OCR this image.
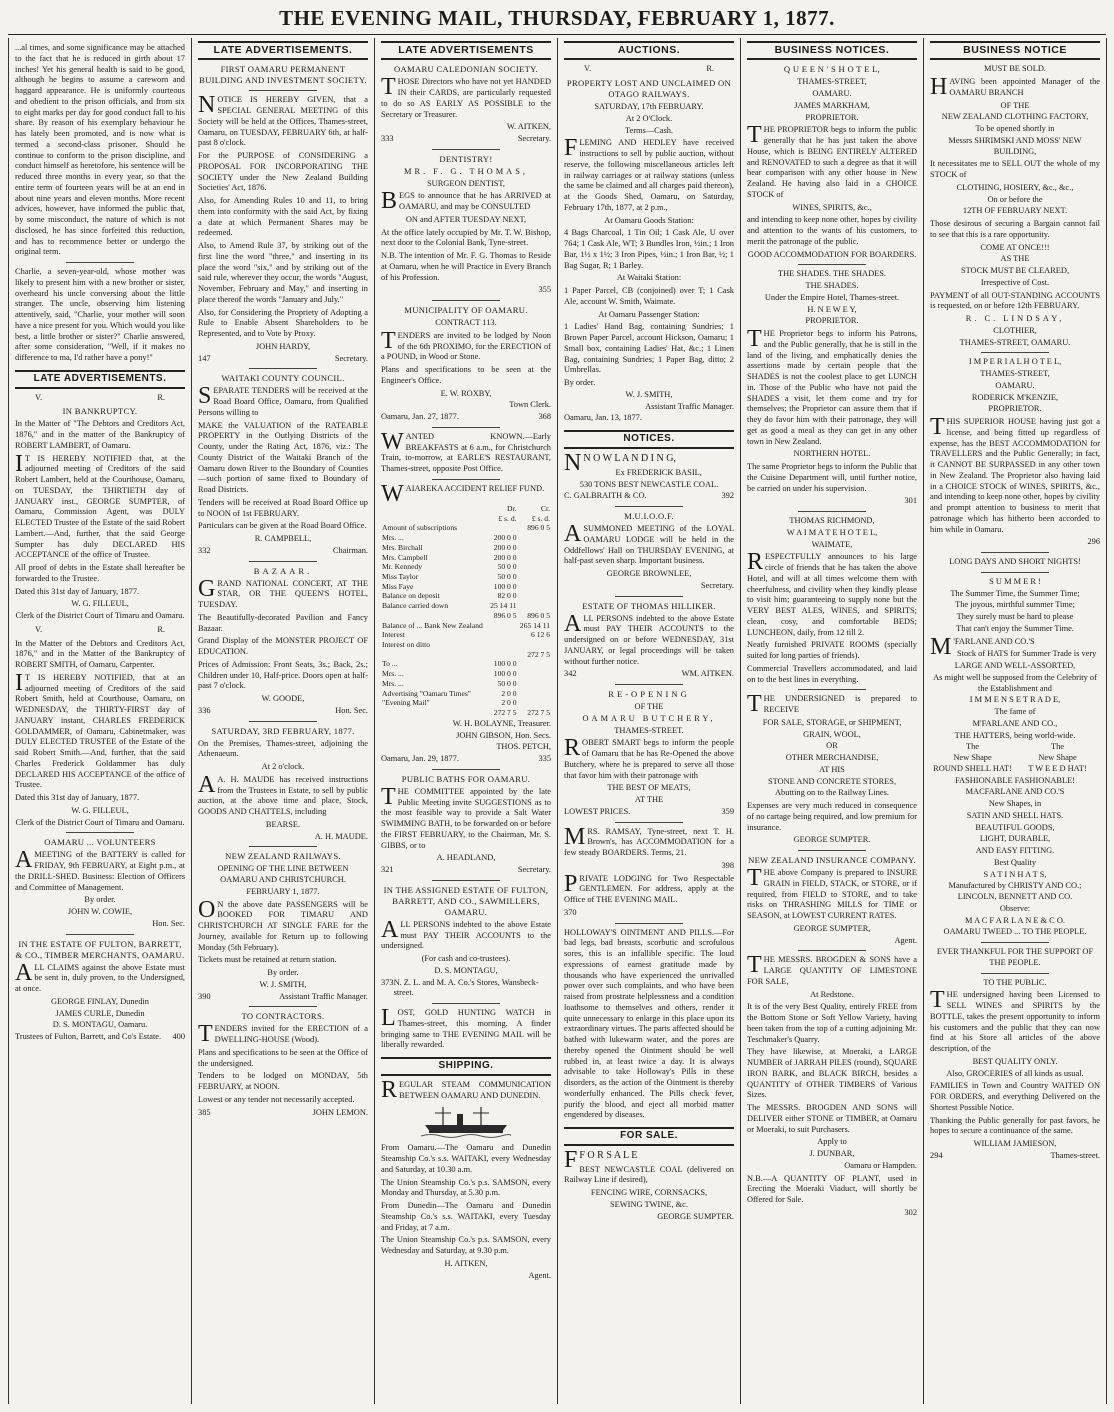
THE EVENING MAIL, THURSDAY, FEBRUARY 1, 1877.

...al times, and some significance may be attached to the fact that he is reduced in girth about 17 inches! Yet his general health is said to be good, although he begins to assume a careworn and haggard appearance. He is uniformly courteous and obedient to the prison officials, and from six to eight marks per day for good conduct fall to his share. By reason of his exemplary behaviour he has lately been promoted, and is now what is termed a second-class prisoner. Should he continue to conform to the prison discipline, and conduct himself as heretofore, his sentence will be reduced three months in every year, so that the entire term of fourteen years will be at an end in about nine years and eleven months. More recent advices, however, have informed the public that, by some misconduct, the nature of which is not disclosed, he has since forfeited this reduction, and has to recommence better or undergo the original term.

Charlie, a seven-year-old, whose mother was likely to present him with a new brother or sister, overheard his uncle conversing about the little stranger. The uncle, observing him listening attentively, said, "Charlie, your mother will soon have a nice present for you. Which would you like best, a little brother or sister?" Charlie answered, after some consideration, "Well, if it makes no difference to ma, I'd rather have a pony!"

LATE ADVERTISEMENTS.
V.	R.
IN BANKRUPTCY.

In the Matter of "The Debtors and Creditors Act, 1876," and in the matter of the Bankruptcy of ROBERT LAMBERT, of Oamaru.

I T IS HEREBY NOTIFIED that, at the adjourned meeting of Creditors of the said Robert Lambert, held at the Courthouse, Oamaru, on TUESDAY, the THIRTIETH day of JANUARY inst., GEORGE SUMPTER, of Oamaru, Commission Agent, was DULY ELECTED Trustee of the Estate of the said Robert Lambert.—And, further, that the said George Sumpter has duly DECLARED HIS ACCEPTANCE of the office of Trustee.

All proof of debts in the Estate shall hereafter be forwarded to the Trustee.

Dated this 31st day of January, 1877.

W. G. FILLEUL,
Clerk of the District Court of Timaru and Oamaru.
V.	R.

In the Matter of the Debtors and Creditors Act, 1876," and in the Matter of the Bankruptcy of ROBERT SMITH, of Oamaru, Carpenter.

I T IS HEREBY NOTIFIED, that at an adjourned meeting of Creditors of the said Robert Smith, held at Courthouse, Oamaru, on WEDNESDAY, the THIRTY-FIRST day of JANUARY instant, CHARLES FREDERICK GOLDAMMER, of Oamaru, Cabinetmaker, was DULY ELECTED TRUSTEE of the Estate of the said Robert Smith.—And, further, that the said Charles Frederick Goldammer has duly DECLARED HIS ACCEPTANCE of the office of Trustee.

Dated this 31st day of January, 1877.

W. G. FILLEUL,
Clerk of the District Court of Timaru and Oamaru.
OAMARU ... VOLUNTEERS

AMEETING of the BATTERY is called for FRIDAY, 9th FEBRUARY, at Eight p.m., at the DRILL-SHED. Business: Election of Officers and Committee of Management.

By order.
JOHN W. COWIE,
Hon. Sec.
IN THE ESTATE OF FULTON, BARRETT, & CO., TIMBER MERCHANTS, OAMARU.

ALL CLAIMS against the above Estate must be sent in, duly proven, to the Undersigned, at once.

GEORGE FINLAY, Dunedin
JAMES CURLE, Dunedin
D. S. MONTAGU, Oamaru.
Trustees of Fulton, Barrett, and Co's Estate. 400
LATE ADVERTISEMENTS.
FIRST OAMARU PERMANENT BUILDING AND INVESTMENT SOCIETY.

NOTICE IS HEREBY GIVEN, that a SPECIAL GENERAL MEETING of this Society will be held at the Offices, Thames-street, Oamaru, on TUESDAY, FEBRUARY 6th, at half-past 8 o'clock.

For the PURPOSE of CONSIDERING a PROPOSAL FOR INCORPORATING THE SOCIETY under the New Zealand Building Societies' Act, 1876.

Also, for Amending Rules 10 and 11, to bring them into conformity with the said Act, by fixing a date at which Permanent Shares may be redeemed.

Also, to Amend Rule 37, by striking out of the first line the word "three," and inserting in its place the word "six," and by striking out of the said rule, wherever they occur, the words "August, November, February and May," and inserting in place thereof the words "January and July."

Also, for Considering the Propriety of Adopting a Rule to Enable Absent Shareholders to be Represented, and to Vote by Proxy.

JOHN HARDY,
147	Secretary.
WAITAKI COUNTY COUNCIL.

SEPARATE TENDERS will be received at the Road Board Office, Oamaru, from Qualified Persons willing to

MAKE the VALUATION of the RATEABLE PROPERTY in the Outlying Districts of the County, under the Rating Act, 1876, viz.: The County District of the Waitaki Branch of the Oamaru down River to the Boundary of Counties—such portion of same fixed to Boundary of Road Districts.

Tenders will be received at Road Board Office up to NOON of 1st FEBRUARY.

Particulars can be given at the Road Board Office.

R. CAMPBELL,
332	Chairman.
BAZAAR.

GRAND NATIONAL CONCERT, AT THE STAR, OR THE QUEEN'S HOTEL, TUESDAY.

The Beautifully-decorated Pavilion and Fancy Bazaar.

Grand Display of the MONSTER PROJECT OF EDUCATION.

Prices of Admission: Front Seats, 3s.; Back, 2s.; Children under 10, Half-price. Doors open at half-past 7 o'clock.

W. GOODE,
336	Hon. Sec.
SATURDAY, 3RD FEBRUARY, 1877.

On the Premises, Thames-street, adjoining the Athenaeum.

At 2 o'clock.

A A. H. MAUDE has received instructions from the Trustees in Estate, to sell by public auction, at the above time and place, Stock, GOODS AND CHATTELS, including

BEARSE.
A. H. MAUDE.
NEW ZEALAND RAILWAYS.
OPENING OF THE LINE BETWEEN OAMARU AND CHRISTCHURCH.
FEBRUARY 1, 1877.

O N the above date PASSENGERS will be BOOKED FOR TIMARU AND CHRISTCHURCH AT SINGLE FARE for the Journey, available for Return up to following Monday (5th February).

Tickets must be retained at return station.

By order.
W. J. SMITH,
390	Assistant Traffic Manager.
TO CONTRACTORS.

TENDERS invited for the ERECTION of a DWELLING-HOUSE (Wood).

Plans and specifications to be seen at the Office of the undersigned.

Tenders to be lodged on MONDAY, 5th FEBRUARY, at NOON.

Lowest or any tender not necessarily accepted.

385	JOHN LEMON.
LATE ADVERTISEMENTS
OAMARU CALEDONIAN SOCIETY.

THOSE Directors who have not yet HANDED IN their CARDS, are particularly requested to do so AS EARLY AS POSSIBLE to the Secretary or Treasurer.

W. AITKEN,
333	Secretary.
DENTISTRY!
MR. F. G. THOMAS,
SURGEON DENTIST,

BEGS to announce that he has ARRIVED at OAMARU, and may be CONSULTED

ON and AFTER TUESDAY NEXT,

At the office lately occupied by Mr. T. W. Bishop, next door to the Colonial Bank, Tyne-street.

N.B. The intention of Mr. F. G. Thomas to Reside at Oamaru, when he will Practice in Every Branch of his Profession.

355
MUNICIPALITY OF OAMARU.
CONTRACT 113.

TENDERS are invited to be lodged by Noon of the 6th PROXIMO, for the ERECTION of a POUND, in Wood or Stone.

Plans and specifications to be seen at the Engineer's Office.

E. W. ROXBY,
Town Clerk.
Oamaru, Jan. 27, 1877.	368

WANTED KNOWN.—Early BREAKFASTS at 6 a.m., for Christchurch Train, to-morrow, at EARLE'S RESTAURANT, Thames-street, opposite Post Office.

WAIAREKA ACCIDENT RELIEF FUND.

	Dr.	Cr.
	£ s. d.	£ s. d.
Amount of subscriptions		896 0 5
Mrs. ...	200 0 0	
Mrs. Birchall	200 0 0	
Mrs. Campbell	200 0 0	
Mr. Kennedy	50 0 0	
Miss Taylor	50 0 0	
Miss Faye	100 0 0	
Balance on deposit	82 0 0	
Balance carried down	25 14 11	
	896 0 5	896 0 5
Balance of ... Bank New Zealand		265 14 11
Interest		6 12 6
Interest on ditto		
		272 7 5
To ...	100 0 0	
Mrs. ...	100 0 0	
Mrs. ...	50 0 0	
Advertising "Oamaru Times"	2 0 0	
"Evening Mail"	2 0 0	
	272 7 5	272 7 5
W. H. BOLAYNE, Treasurer.
JOHN GIBSON, Hon. Secs.
THOS. PETCH,
Oamaru, Jan. 29, 1877.	335
PUBLIC BATHS FOR OAMARU.

THE COMMITTEE appointed by the late Public Meeting invite SUGGESTIONS as to the most feasible way to provide a Salt Water SWIMMING BATH, to be forwarded on or before the FIRST FEBRUARY, to the Chairman, Mr. S. GIBBS, or to

A. HEADLAND,
321	Secretary.
IN THE ASSIGNED ESTATE OF FULTON, BARRETT, AND CO., SAWMILLERS, OAMARU.

ALL PERSONS indebted to the above Estate must PAY THEIR ACCOUNTS to the undersigned.

(For cash and co-trustees).
D. S. MONTAGU,
373 N. Z. L. and M. A. Co.'s Stores, Wansbeck-street.

LOST, GOLD HUNTING WATCH in Thames-street, this morning. A finder bringing same to THE EVENING MAIL will be liberally rewarded.

SHIPPING.

REGULAR STEAM COMMUNICATION BETWEEN OAMARU AND DUNEDIN.

From Oamaru.—The Oamaru and Dunedin Steamship Co.'s s.s. WAITAKI, every Wednesday and Saturday, at 10.30 a.m.

The Union Steamship Co.'s p.s. SAMSON, every Monday and Thursday, at 5.30 p.m.

From Dunedin—The Oamaru and Dunedin Steamship Co.'s s.s. WAITAKI, every Tuesday and Friday, at 7 a.m.

The Union Steamship Co.'s p.s. SAMSON, every Wednesday and Saturday, at 9.30 p.m.

H. AITKEN,
Agent.
AUCTIONS.
V.	R.
PROPERTY LOST AND UNCLAIMED ON OTAGO RAILWAYS.
SATURDAY, 17th FEBRUARY.
At 2 O'Clock.
Terms—Cash.

FLEMING AND HEDLEY have received instructions to sell by public auction, without reserve, the following miscellaneous articles left in railway carriages or at railway stations (unless the same be claimed and all charges paid thereon), at the Goods Shed, Oamaru, on Saturday, February 17th, 1877, at 2 p.m.,

At Oamaru Goods Station:

4 Bags Charcoal, 1 Tin Oil; 1 Cask Ale, U over 764; 1 Cask Ale, WT; 3 Bundles Iron, ½in.; 1 Iron Bar, 1½ x 1½; 3 Iron Pipes, ½in.; 1 Iron Bar, ½; 1 Bag Sugar, R; 1 Barley.

At Waitaki Station:

1 Paper Parcel, CB (conjoined) over T; 1 Cask Ale, account W. Smith, Waimate.

At Oamaru Passenger Station:

1 Ladies' Hand Bag, containing Sundries; 1 Brown Paper Parcel, account Hickson, Oamaru; 1 Small box, containing Ladies' Hat, &c.; 1 Linen Bag, containing Sundries; 1 Paper Bag, ditto; 2 Umbrellas.

By order.
W. J. SMITH,
Assistant Traffic Manager.
Oamaru, Jan. 13, 1877.
NOTICES.

N N O W L A N D I N G,

Ex FREDERICK BASIL,
530 TONS BEST NEWCASTLE COAL.
C. GALBRAITH & CO.	392
M.U.I.O.O.F.

ASUMMONED MEETING of the LOYAL OAMARU LODGE will be held in the Oddfellows' Hall on THURSDAY EVENING, at half-past seven sharp. Important business.

GEORGE BROWNLEE,
Secretary.
ESTATE OF THOMAS HILLIKER.

ALL PERSONS indebted to the above Estate must PAY THEIR ACCOUNTS to the undersigned on or before WEDNESDAY, 31st JANUARY, or legal proceedings will be taken without further notice.

342	WM. AITKEN.
RE-OPENING
OF THE
OAMARU BUTCHERY,
THAMES-STREET.

ROBERT SMART begs to inform the people of Oamaru that he has Re-Opened the above Butchery, where he is prepared to serve all those that favor him with their patronage with

THE BEST OF MEATS,
AT THE
LOWEST PRICES.	359

MRS. RAMSAY, Tyne-street, next T. H. Brown's, has ACCOMMODATION for a few steady BOARDERS. Terms, 21.

398

PRIVATE LODGING for Two Respectable GENTLEMEN. For address, apply at the Office of THE EVENING MAIL.

370

HOLLOWAY'S OINTMENT AND PILLS.—For bad legs, bad breasts, scorbutic and scrofulous sores, this is an infallible specific. The loud expressions of earnest gratitude made by thousands who have experienced the unrivalled power over such complaints, and who have been raised from prostrate helplessness and a condition loathsome to themselves and others, render it quite unnecessary to enlarge in this place upon its extraordinary virtues. The parts affected should be bathed with lukewarm water, and the pores are thereby opened the Ointment should be well rubbed in, at least twice a day. It is always advisable to take Holloway's Pills in these disorders, as the action of the Ointment is thereby wonderfully enhanced. The Pills check fever, purify the blood, and eject all morbid matter engendered by diseases.

FOR SALE.

F F O R S A L E

BEST NEWCASTLE COAL (delivered on Railway Line if desired),

FENCING WIRE, CORNSACKS,
SEWING TWINE, &c.
GEORGE SUMPTER.
BUSINESS NOTICES.
Q U E E N ' S H O T E L,
THAMES-STREET,
OAMARU.
JAMES MARKHAM,
PROPRIETOR.

THE PROPRIETOR begs to inform the public generally that he has just taken the above House, which is BEING ENTIRELY ALTERED and RENOVATED to such a degree as that it will bear comparison with any other house in New Zealand. He having also laid in a CHOICE STOCK of

WINES, SPIRITS, &c.,

and intending to keep none other, hopes by civility and attention to the wants of his customers, to merit the patronage of the public.

GOOD ACCOMMODATION FOR BOARDERS.
THE SHADES. THE SHADES.
THE SHADES.
Under the Empire Hotel, Thames-street.
H. N E W E Y,
PROPRIETOR.

THE Proprietor begs to inform his Patrons, and the Public generally, that he is still in the land of the living, and emphatically denies the assertions made by certain people that the SHADES is not the coolest place to get LUNCH in. Those of the Public who have not paid the SHADES a visit, let them come and try for themselves; the Proprietor can assure them that if they do favor him with their patronage, they will get as good a meal as they can get in any other town in New Zealand.

NORTHERN HOTEL.

The same Proprietor begs to inform the Public that the Cuisine Department will, until further notice, be carried on under his supervision.

301
THOMAS RICHMOND,
W A I M A T E H O T E L,
WAIMATE,

RESPECTFULLY announces to his large circle of friends that he has taken the above Hotel, and will at all times welcome them with cheerfulness, and civility when they kindly please to visit him; guaranteeing to supply none but the VERY BEST ALES, WINES, and SPIRITS; clean, cosy, and comfortable BEDS; LUNCHEON, daily, from 12 till 2.

Neatly furnished PRIVATE ROOMS (specially suited for long parties of friends).

Commercial Travellers accommodated, and laid on to the best lines in everything.

THE UNDERSIGNED is prepared to RECEIVE

FOR SALE, STORAGE, or SHIPMENT,
GRAIN, WOOL,
OR
OTHER MERCHANDISE,
AT HIS
STONE AND CONCRETE STORES,
Abutting on to the Railway Lines.

Expenses are very much reduced in consequence of no cartage being required, and low premium for insurance.

GEORGE SUMPTER.
NEW ZEALAND INSURANCE COMPANY.

THE above Company is prepared to INSURE GRAIN in FIELD, STACK, or STORE, or if required, from FIELD to STORE, and to take risks on THRASHING MILLS for TIME or SEASON, at LOWEST CURRENT RATES.

GEORGE SUMPTER,
Agent.

THE MESSRS. BROGDEN & SONS have a LARGE QUANTITY OF LIMESTONE FOR SALE,

At Redstone.

It is of the very Best Quality, entirely FREE from the Bottom Stone or Soft Yellow Variety, having been taken from the top of a cutting adjoining Mr. Teschmaker's Quarry.

They have likewise, at Moeraki, a LARGE NUMBER of JARRAH PILES (round), SQUARE IRON BARK, and BLACK BIRCH, besides a QUANTITY of OTHER TIMBERS of Various Sizes.

The MESSRS. BROGDEN AND SONS will DELIVER either STONE or TIMBER, at Oamaru or Moeraki, to suit Purchasers.

Apply to
J. DUNBAR,
Oamaru or Hampden.

N.B.—A QUANTITY OF PLANT, used in Erecting the Moeraki Viaduct, will shortly be Offered for Sale.

302
BUSINESS NOTICE
MUST BE SOLD.

HAVING been appointed Manager of the OAMARU BRANCH

OF THE
NEW ZEALAND CLOTHING FACTORY,
To be opened shortly in
Messrs SHRIMSKI AND MOSS' NEW BUILDING,

It necessitates me to SELL OUT the whole of my STOCK of

CLOTHING, HOSIERY, &c., &c.,
On or before the
12TH OF FEBRUARY NEXT.

Those desirous of securing a Bargain cannot fail to see that this is a rare opportunity.

COME AT ONCE!!!
AS THE
STOCK MUST BE CLEARED,
Irrespective of Cost.

PAYMENT of all OUT-STANDING ACCOUNTS is requested, on or before 12th FEBRUARY.

R. C. LINDSAY,
CLOTHIER,
THAMES-STREET, OAMARU.
I M P E R I A L H O T E L,
THAMES-STREET,
OAMARU.
RODERICK M'KENZIE,
PROPRIETOR.

THIS SUPERIOR HOUSE having just got a license, and being fitted up regardless of expense, has the BEST ACCOMMODATION for TRAVELLERS and the Public Generally; in fact, it CANNOT BE SURPASSED in any other town in New Zealand. The Proprietor also having laid in a CHOICE STOCK of WINES, SPIRITS, &c., and intending to keep none other, hopes by civility and prompt attention to business to merit that patronage which has hitherto been accorded to him while in Oamaru.

296
LONG DAYS AND SHORT NIGHTS!
S U M M E R !
The Summer Time, the Summer Time;
The joyous, mirthful summer Time;
They surely must be hard to please
That can't enjoy the Summer Time.

M 'FARLANE AND CO.'S

Stock of HATS for Summer Trade is very
LARGE AND WELL-ASSORTED,
As might well be supposed from the Celebrity of the Establishment and
I M M E N S E T R A D E,
The fame of
M'FARLANE AND CO.,
THE HATTERS, being world-wide.
The
New Shape
ROUND SHELL HAT!
The
New Shape
T W E E D HAT!
FASHIONABLE FASHIONABLE!
MACFARLANE AND CO.'S
New Shapes, in
SATIN AND SHELL HATS.
BEAUTIFUL GOODS,
LIGHT, DURABLE,
AND EASY FITTING.
Best Quality
S A T I N H A T S,
Manufactured by CHRISTY AND CO.; LINCOLN, BENNETT AND CO.
Observe:
M A C F A R L A N E & C O.
OAMARU TWEED ... TO THE PEOPLE.
EVER THANKFUL FOR THE SUPPORT OF THE PEOPLE.
TO THE PUBLIC.

THE undersigned having been Licensed to SELL WINES and SPIRITS by the BOTTLE, takes the present opportunity to inform his customers and the public that they can now find at his Store all articles of the above description, of the

BEST QUALITY ONLY.
Also, GROCERIES of all kinds as usual.

FAMILIES in Town and Country WAITED ON FOR ORDERS, and everything Delivered on the Shortest Possible Notice.

Thanking the Public generally for past favors, he hopes to secure a continuance of the same.

WILLIAM JAMIESON,
294	Thames-street.
